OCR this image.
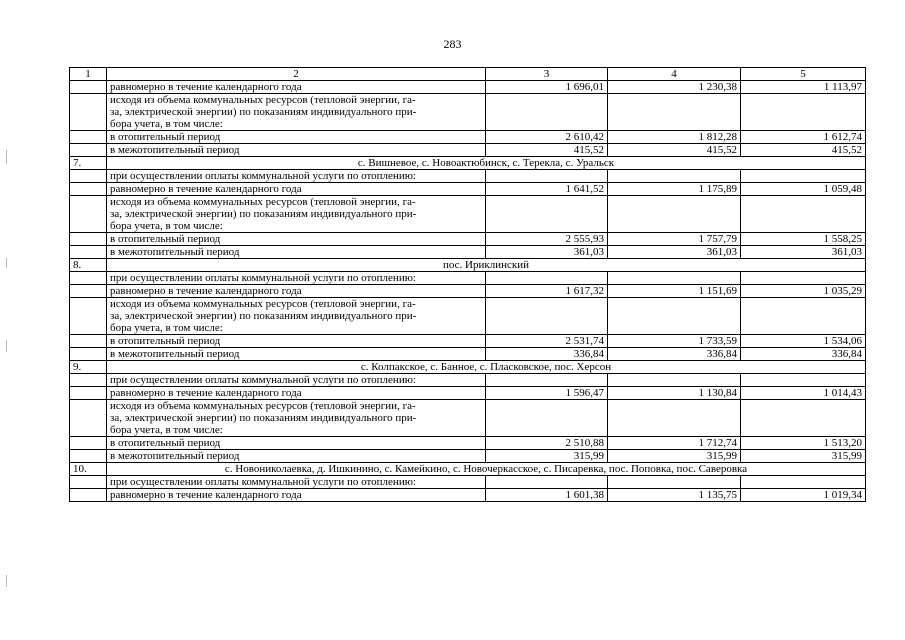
283
1	2	3	4	5
	равномерно в течение календарного года	1 696,01	1 230,38	1 113,97

	исходя из объема коммунальных ресурсов (тепловой энергии, га-
за, электрической энергии) по показаниям индивидуального при-
бора учета, в том числе:			

	в отопительный период	2 610,42	1 812,28	1 612,74
	в межотопительный период	415,52	415,52	415,52
7.	с. Вишневое, с. Новоактюбинск, с. Терекла, с. Уральск			
	при осуществлении оплаты коммунальной услуги по отоплению:			
	равномерно в течение календарного года	1 641,52	1 175,89	1 059,48

	исходя из объема коммунальных ресурсов (тепловой энергии, га-
за, электрической энергии) по показаниям индивидуального при-
бора учета, в том числе:			

	в отопительный период	2 555,93	1 757,79	1 558,25
	в межотопительный период	361,03	361,03	361,03
8.	пос. Ириклинский			
	при осуществлении оплаты коммунальной услуги по отоплению:			
	равномерно в течение календарного года	1 617,32	1 151,69	1 035,29

	исходя из объема коммунальных ресурсов (тепловой энергии, га-
за, электрической энергии) по показаниям индивидуального при-
бора учета, в том числе:			

	в отопительный период	2 531,74	1 733,59	1 534,06
	в межотопительный период	336,84	336,84	336,84
9.	с. Колпакское, с. Банное, с. Пласковское, пос. Херсон			
	при осуществлении оплаты коммунальной услуги по отоплению:			
	равномерно в течение календарного года	1 596,47	1 130,84	1 014,43

	исходя из объема коммунальных ресурсов (тепловой энергии, га-
за, электрической энергии) по показаниям индивидуального при-
бора учета, в том числе:			

	в отопительный период	2 510,88	1 712,74	1 513,20
	в межотопительный период	315,99	315,99	315,99
10.	с. Новониколаевка, д. Ишкинино, с. Камейкино, с. Новочеркасское, с. Писаревка, пос. Поповка, пос. Саверовка			
	при осуществлении оплаты коммунальной услуги по отоплению:			
	равномерно в течение календарного года	1 601,38	1 135,75	1 019,34
